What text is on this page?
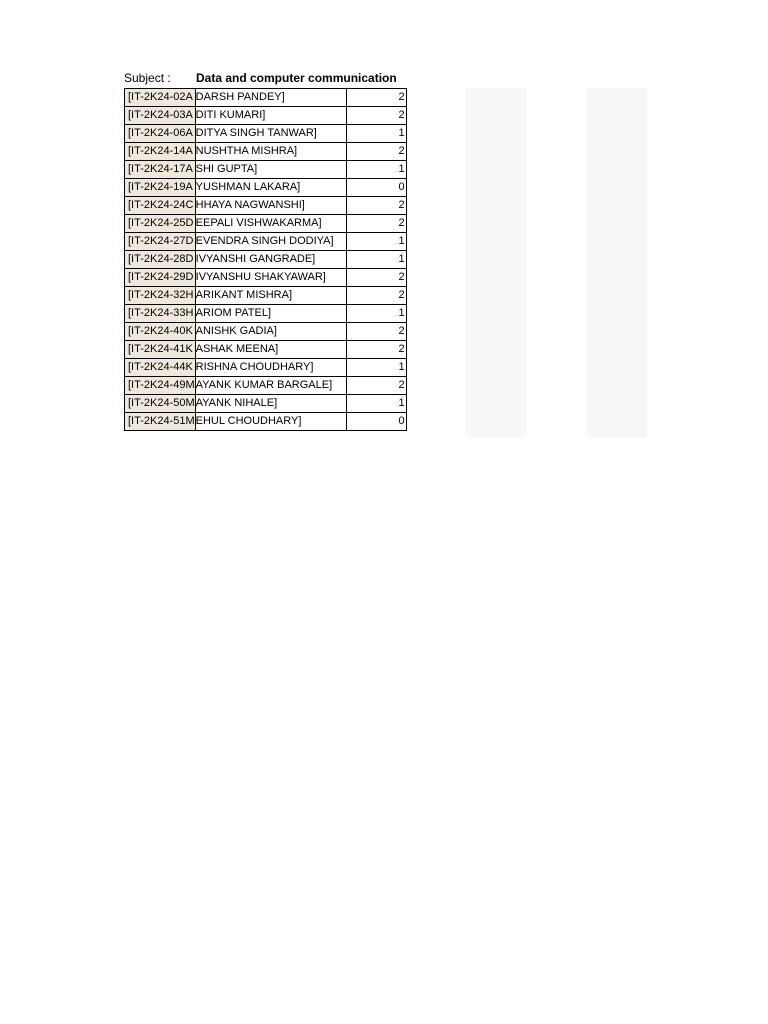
Subject : Data and computer communication
[IT-2K24-02A	DARSH PANDEY]	2
[IT-2K24-03A	DITI KUMARI]	2
[IT-2K24-06A	DITYA SINGH TANWAR]	1
[IT-2K24-14A	NUSHTHA MISHRA]	2
[IT-2K24-17A	SHI GUPTA]	1
[IT-2K24-19A	YUSHMAN LAKARA]	0
[IT-2K24-24C	HHAYA NAGWANSHI]	2
[IT-2K24-25D	EEPALI VISHWAKARMA]	2
[IT-2K24-27D	EVENDRA SINGH DODIYA]	1
[IT-2K24-28D	IVYANSHI GANGRADE]	1
[IT-2K24-29D	IVYANSHU SHAKYAWAR]	2
[IT-2K24-32H	ARIKANT MISHRA]	2
[IT-2K24-33H	ARIOM PATEL]	1
[IT-2K24-40K	ANISHK GADIA]	2
[IT-2K24-41K	ASHAK MEENA]	2
[IT-2K24-44K	RISHNA CHOUDHARY]	1
[IT-2K24-49M	AYANK KUMAR BARGALE]	2
[IT-2K24-50M	AYANK NIHALE]	1
[IT-2K24-51M	EHUL CHOUDHARY]	0
